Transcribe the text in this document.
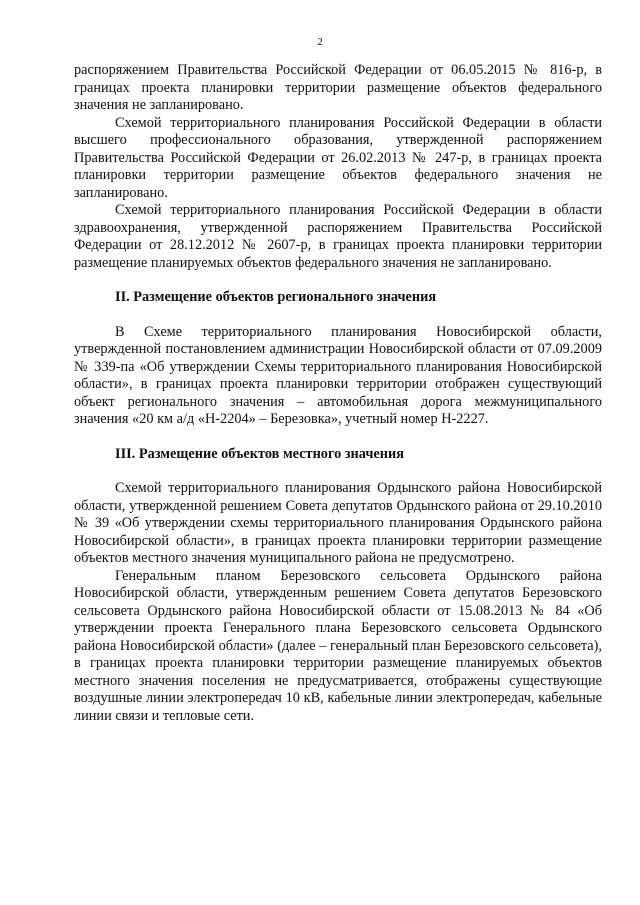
2

распоряжением Правительства Российской Федерации от 06.05.2015 № 816-р, в границах проекта планировки территории размещение объектов федерального значения не запланировано.

Схемой территориального планирования Российской Федерации в области высшего профессионального образования, утвержденной распоряжением Правительства Российской Федерации от 26.02.2013 № 247-р, в границах проекта планировки территории размещение объектов федерального значения не запланировано.

Схемой территориального планирования Российской Федерации в области здравоохранения, утвержденной распоряжением Правительства Российской Федерации от 28.12.2012 № 2607-р, в границах проекта планировки территории размещение планируемых объектов федерального значения не запланировано.

II. Размещение объектов регионального значения

В Схеме территориального планирования Новосибирской области, утвержденной постановлением администрации Новосибирской области от 07.09.2009 № 339-па «Об утверждении Схемы территориального планирования Новосибирской области», в границах проекта планировки территории отображен существующий объект регионального значения – автомобильная дорога межмуниципального значения «20 км а/д «Н-2204» – Березовка», учетный номер Н-2227.

III. Размещение объектов местного значения

Схемой территориального планирования Ордынского района Новосибирской области, утвержденной решением Совета депутатов Ордынского района от 29.10.2010 № 39 «Об утверждении схемы территориального планирования Ордынского района Новосибирской области», в границах проекта планировки территории размещение объектов местного значения муниципального района не предусмотрено.

Генеральным планом Березовского сельсовета Ордынского района Новосибирской области, утвержденным решением Совета депутатов Березовского сельсовета Ордынского района Новосибирской области от 15.08.2013 № 84 «Об утверждении проекта Генерального плана Березовского сельсовета Ордынского района Новосибирской области» (далее – генеральный план Березовского сельсовета), в границах проекта планировки территории размещение планируемых объектов местного значения поселения не предусматривается, отображены существующие воздушные линии электропередач 10 кВ, кабельные линии электропередач, кабельные линии связи и тепловые сети.
